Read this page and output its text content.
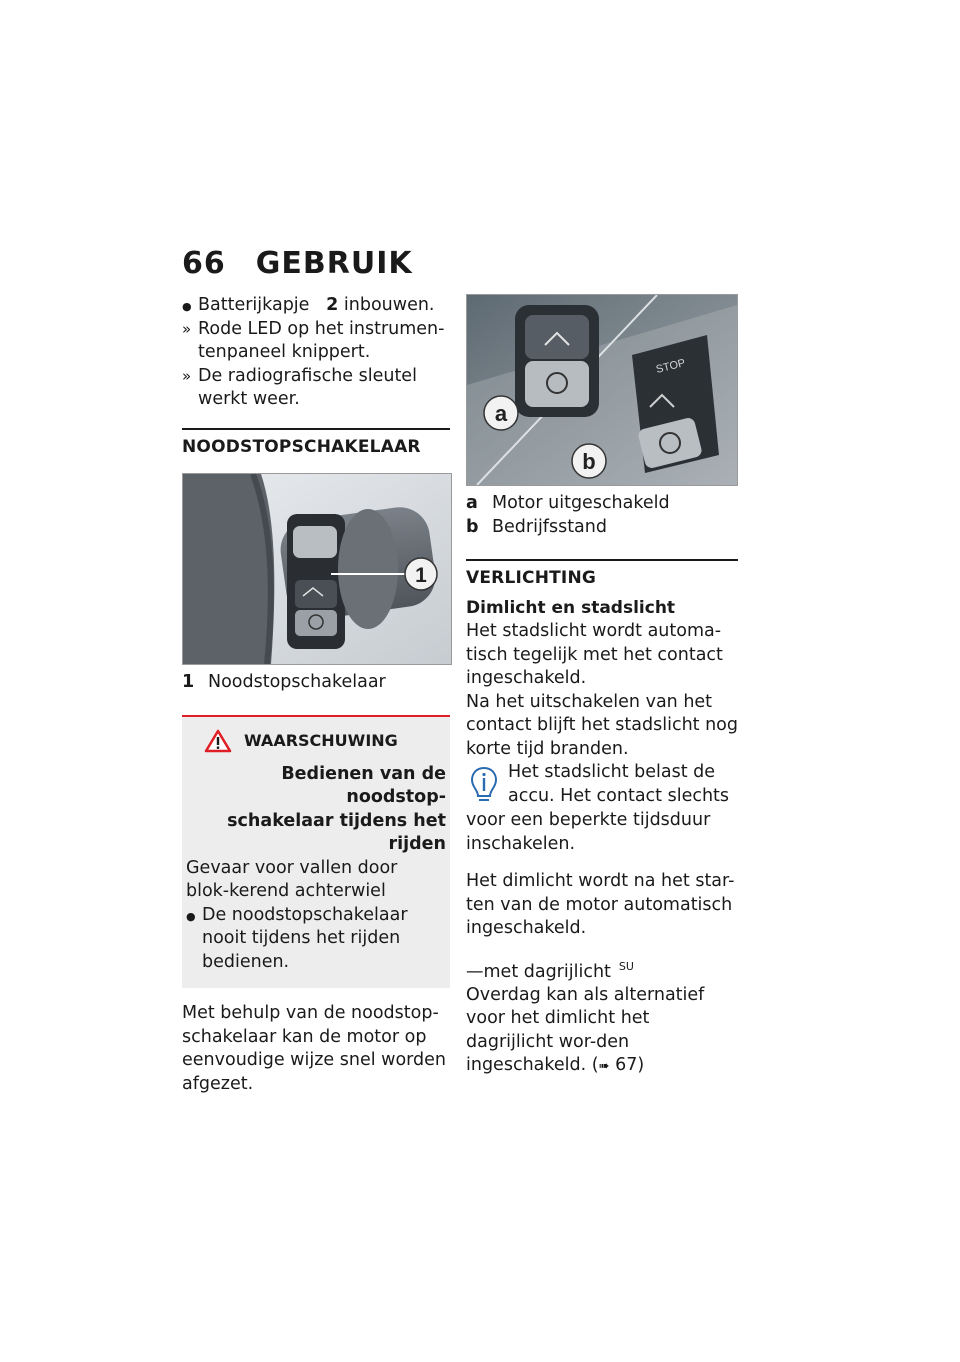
66 GEBRUIK
● Batterijkapje 2 inbouwen.
» Rode LED op het instrumen-tenpaneel knippert.
» De radiografische sleutel werkt weer.
NOODSTOPSCHAKELAAR
1
1 Noodstopschakelaar
WAARSCHUWING
Bedienen van de noodstop-
schakelaar tijdens het rijden
Gevaar voor vallen door blok-kerend achterwiel
● De noodstopschakelaar nooit tijdens het rijden bedienen.
Met behulp van de noodstop-schakelaar kan de motor op eenvoudige wijze snel worden afgezet.
STOP
a
b
a Motor uitgeschakeld
b Bedrijfsstand
VERLICHTING
Dimlicht en stadslicht
Het stadslicht wordt automa-tisch tegelijk met het contact ingeschakeld.
Na het uitschakelen van het contact blijft het stadslicht nog korte tijd branden.
Het stadslicht belast de
accu. Het contact slechts
voor een beperkte tijdsduur inschakelen.
Het dimlicht wordt na het star-ten van de motor automatisch ingeschakeld.
—met dagrijlicht $^{SU}$
Overdag kan als alternatief voor het dimlicht het dagrijlicht wor-den ingeschakeld. (➠ 67)
